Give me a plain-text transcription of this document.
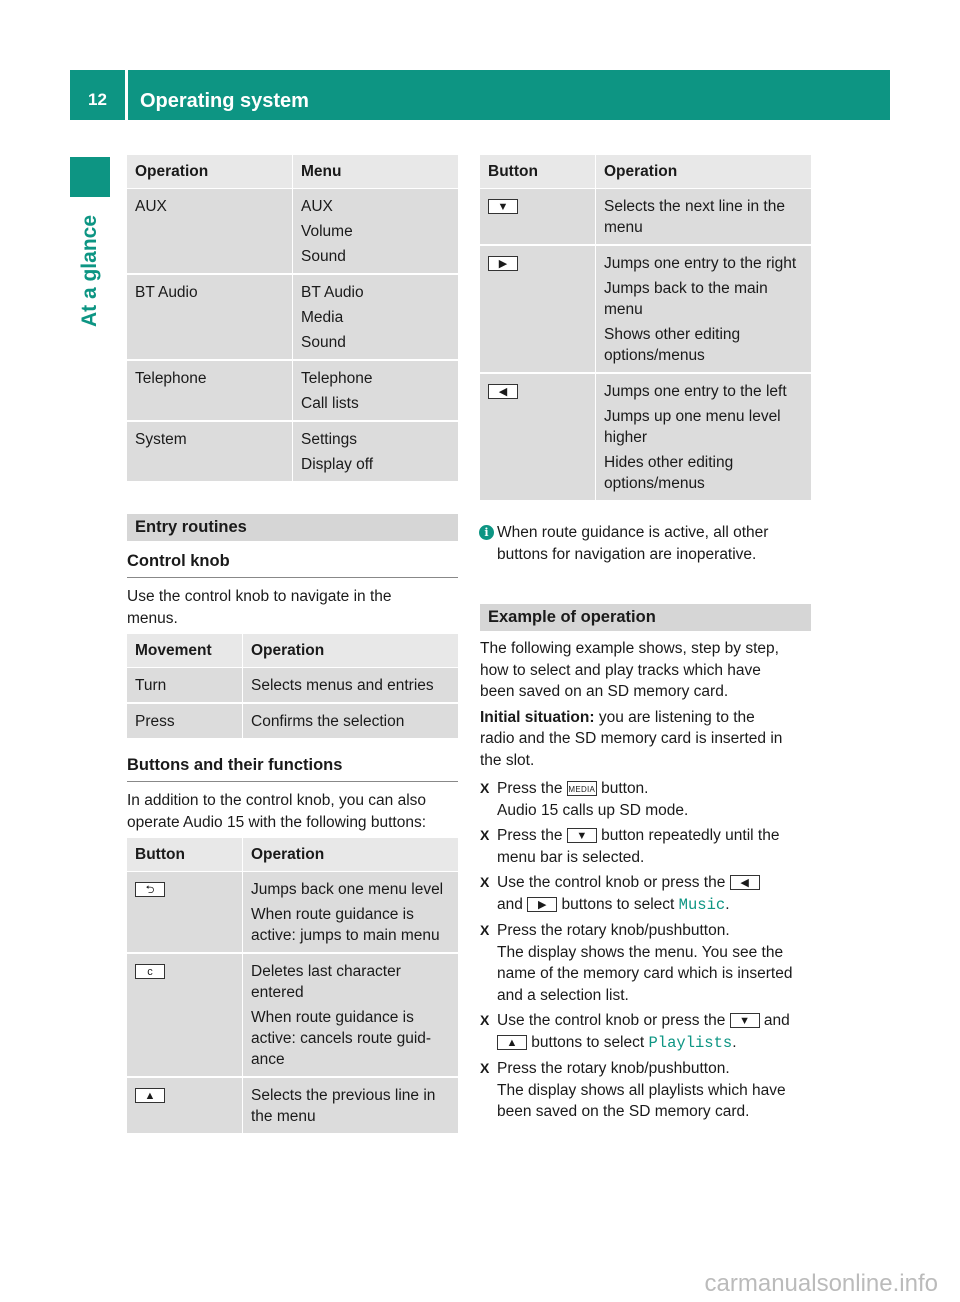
12	Operating system
At a glance
Operation	Menu
AUX	AUX

Volume

Sound

BT Audio	BT Audio

Media

Sound

Telephone	Telephone

Call lists

System	Settings

Display off

Entry routines
Control knob
Use the control knob to navigate in the
menus.
Movement	Operation
Turn	Selects menus and entries
Press	Confirms the selection
Buttons and their functions
In addition to the control knob, you can also
operate Audio 15 with the following buttons:
Button	Operation
⮌	Jumps back one menu level

When route guidance is
active: jumps to main menu

c	Deletes last character
entered

When route guidance is
active: cancels route guid-
ance

▲	Selects the previous line in
the menu

Button	Operation
▼	Selects the next line in the
menu

▶	Jumps one entry to the right

Jumps back to the main
menu

Shows other editing
options/menus

◀	Jumps one entry to the left

Jumps up one menu level
higher

Hides other editing
options/menus

i When route guidance is active, all other
buttons for navigation are inoperative.
Example of operation
The following example shows, step by step,
how to select and play tracks which have
been saved on an SD memory card.
Initial situation: you are listening to the
radio and the SD memory card is inserted in
the slot.
X Press the MEDIA button.
Audio 15 calls up SD mode.
X Press the ▼ button repeatedly until the
menu bar is selected.
X Use the control knob or press the ◀
and ▶ buttons to select Music.
X Press the rotary knob/pushbutton.
The display shows the menu. You see the
name of the memory card which is inserted
and a selection list.
X Use the control knob or press the ▼ and
▲ buttons to select Playlists.
X Press the rotary knob/pushbutton.
The display shows all playlists which have
been saved on the SD memory card.
carmanualsonline.info
